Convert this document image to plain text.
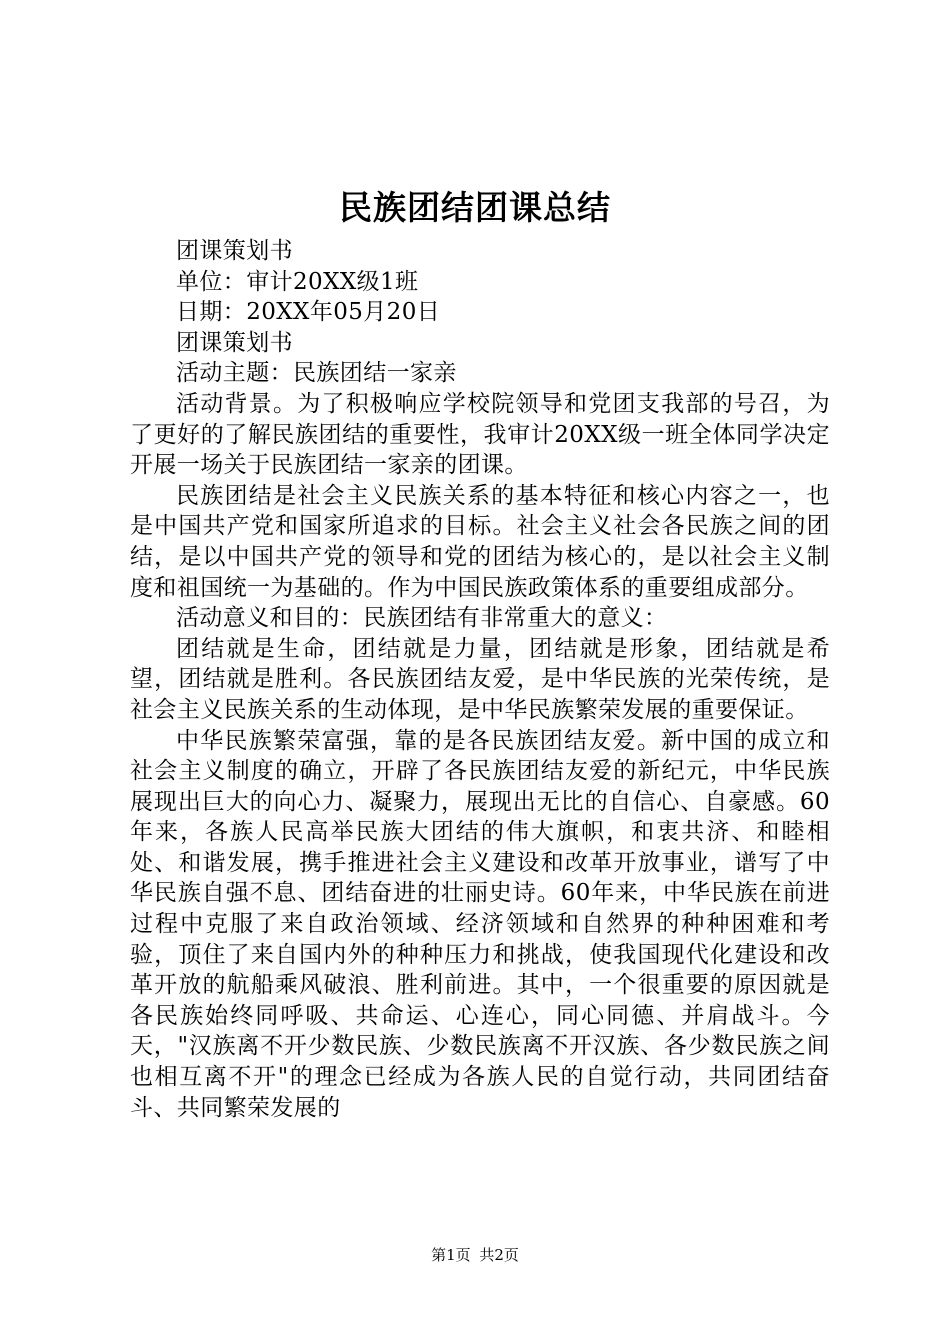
民族团结团课总结

团课策划书

单位：审计20XX级1班

日期：20XX年05月20日

团课策划书

活动主题：民族团结一家亲

活动背景。为了积极响应学校院领导和党团支我部的号召，为了更好的了解民族团结的重要性，我审计20XX级一班全体同学决定开展一场关于民族团结一家亲的团课。

民族团结是社会主义民族关系的基本特征和核心内容之一，也是中国共产党和国家所追求的目标。社会主义社会各民族之间的团结，是以中国共产党的领导和党的团结为核心的，是以社会主义制度和祖国统一为基础的。作为中国民族政策体系的重要组成部分。

活动意义和目的：民族团结有非常重大的意义：

团结就是生命，团结就是力量，团结就是形象，团结就是希望，团结就是胜利。各民族团结友爱，是中华民族的光荣传统，是社会主义民族关系的生动体现，是中华民族繁荣发展的重要保证。

中华民族繁荣富强，靠的是各民族团结友爱。新中国的成立和社会主义制度的确立，开辟了各民族团结友爱的新纪元，中华民族展现出巨大的向心力、凝聚力，展现出无比的自信心、自豪感。60年来，各族人民高举民族大团结的伟大旗帜，和衷共济、和睦相处、和谐发展，携手推进社会主义建设和改革开放事业，谱写了中华民族自强不息、团结奋进的壮丽史诗。60年来，中华民族在前进过程中克服了来自政治领域、经济领域和自然界的种种困难和考验，顶住了来自国内外的种种压力和挑战，使我国现代化建设和改革开放的航船乘风破浪、胜利前进。其中，一个很重要的原因就是各民族始终同呼吸、共命运、心连心，同心同德、并肩战斗。今天，"汉族离不开少数民族、少数民族离不开汉族、各少数民族之间也相互离不开"的理念已经成为各族人民的自觉行动，共同团结奋斗、共同繁荣发展的

第1页 共2页
